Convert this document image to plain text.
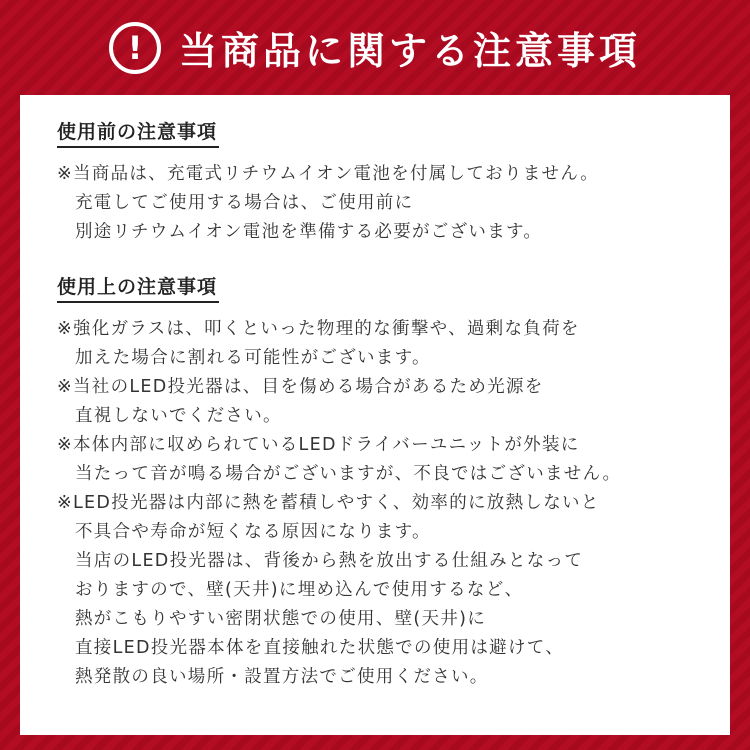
! 当商品に関する注意事項
使用前の注意事項
※当商品は、充電式リチウムイオン電池を付属しておりません。
充電してご使用する場合は、ご使用前に
別途リチウムイオン電池を準備する必要がございます。
使用上の注意事項
※強化ガラスは、叩くといった物理的な衝撃や、過剰な負荷を
加えた場合に割れる可能性がございます。
※当社のLED投光器は、目を傷める場合があるため光源を
直視しないでください。
※本体内部に収められているLEDドライバーユニットが外装に
当たって音が鳴る場合がございますが、不良ではございません。
※LED投光器は内部に熱を蓄積しやすく、効率的に放熱しないと
不具合や寿命が短くなる原因になります。
当店のLED投光器は、背後から熱を放出する仕組みとなって
おりますので、壁(天井)に埋め込んで使用するなど、
熱がこもりやすい密閉状態での使用、壁(天井)に
直接LED投光器本体を直接触れた状態での使用は避けて、
熱発散の良い場所・設置方法でご使用ください。
